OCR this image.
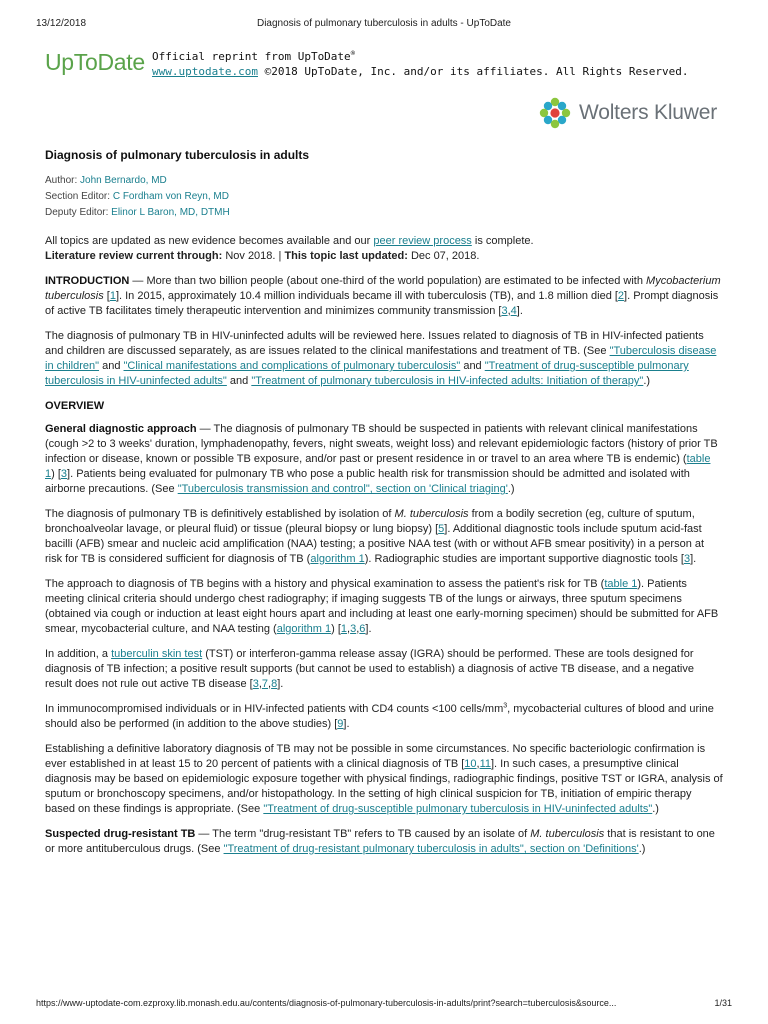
13/12/2018	Diagnosis of pulmonary tuberculosis in adults - UpToDate
UpToDate Official reprint from UpToDate®
www.uptodate.com ©2018 UpToDate, Inc. and/or its affiliates. All Rights Reserved.
Wolters Kluwer
Diagnosis of pulmonary tuberculosis in adults
Author: John Bernardo, MD
Section Editor: C Fordham von Reyn, MD
Deputy Editor: Elinor L Baron, MD, DTMH

All topics are updated as new evidence becomes available and our peer review process is complete.
Literature review current through: Nov 2018. | This topic last updated: Dec 07, 2018.

INTRODUCTION — More than two billion people (about one-third of the world population) are estimated to be infected with Mycobacterium tuberculosis [1]. In 2015, approximately 10.4 million individuals became ill with tuberculosis (TB), and 1.8 million died [2]. Prompt diagnosis of active TB facilitates timely therapeutic intervention and minimizes community transmission [3,4].

The diagnosis of pulmonary TB in HIV-uninfected adults will be reviewed here. Issues related to diagnosis of TB in HIV-infected patients and children are discussed separately, as are issues related to the clinical manifestations and treatment of TB. (See "Tuberculosis disease in children" and "Clinical manifestations and complications of pulmonary tuberculosis" and "Treatment of drug-susceptible pulmonary tuberculosis in HIV-uninfected adults" and "Treatment of pulmonary tuberculosis in HIV-infected adults: Initiation of therapy".)

OVERVIEW

General diagnostic approach — The diagnosis of pulmonary TB should be suspected in patients with relevant clinical manifestations (cough >2 to 3 weeks' duration, lymphadenopathy, fevers, night sweats, weight loss) and relevant epidemiologic factors (history of prior TB infection or disease, known or possible TB exposure, and/or past or present residence in or travel to an area where TB is endemic) (table 1) [3]. Patients being evaluated for pulmonary TB who pose a public health risk for transmission should be admitted and isolated with airborne precautions. (See "Tuberculosis transmission and control", section on 'Clinical triaging'.)

The diagnosis of pulmonary TB is definitively established by isolation of M. tuberculosis from a bodily secretion (eg, culture of sputum, bronchoalveolar lavage, or pleural fluid) or tissue (pleural biopsy or lung biopsy) [5]. Additional diagnostic tools include sputum acid-fast bacilli (AFB) smear and nucleic acid amplification (NAA) testing; a positive NAA test (with or without AFB smear positivity) in a person at risk for TB is considered sufficient for diagnosis of TB (algorithm 1). Radiographic studies are important supportive diagnostic tools [3].

The approach to diagnosis of TB begins with a history and physical examination to assess the patient's risk for TB (table 1). Patients meeting clinical criteria should undergo chest radiography; if imaging suggests TB of the lungs or airways, three sputum specimens (obtained via cough or induction at least eight hours apart and including at least one early-morning specimen) should be submitted for AFB smear, mycobacterial culture, and NAA testing (algorithm 1) [1,3,6].

In addition, a tuberculin skin test (TST) or interferon-gamma release assay (IGRA) should be performed. These are tools designed for diagnosis of TB infection; a positive result supports (but cannot be used to establish) a diagnosis of active TB disease, and a negative result does not rule out active TB disease [3,7,8].

In immunocompromised individuals or in HIV-infected patients with CD4 counts <100 cells/$mm^3$, mycobacterial cultures of blood and urine should also be performed (in addition to the above studies) [9].

Establishing a definitive laboratory diagnosis of TB may not be possible in some circumstances. No specific bacteriologic confirmation is ever established in at least 15 to 20 percent of patients with a clinical diagnosis of TB [10,11]. In such cases, a presumptive clinical diagnosis may be based on epidemiologic exposure together with physical findings, radiographic findings, positive TST or IGRA, analysis of sputum or bronchoscopy specimens, and/or histopathology. In the setting of high clinical suspicion for TB, initiation of empiric therapy based on these findings is appropriate. (See "Treatment of drug-susceptible pulmonary tuberculosis in HIV-uninfected adults".)

Suspected drug-resistant TB — The term "drug-resistant TB" refers to TB caused by an isolate of M. tuberculosis that is resistant to one or more antituberculous drugs. (See "Treatment of drug-resistant pulmonary tuberculosis in adults", section on 'Definitions'.)

https://www-uptodate-com.ezproxy.lib.monash.edu.au/contents/diagnosis-of-pulmonary-tuberculosis-in-adults/print?search=tuberculosis&source...	1/31
